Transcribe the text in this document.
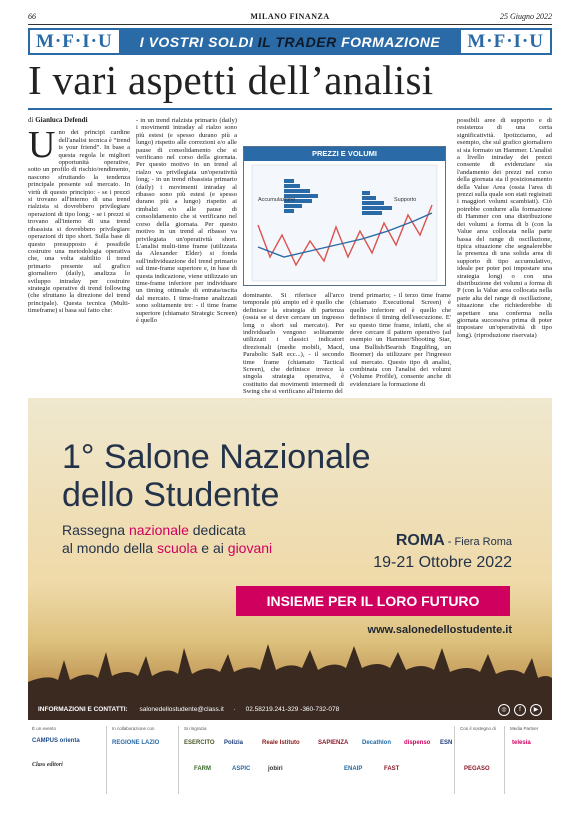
66	MILANO FINANZA	25 Giugno 2022
M·F·I·U	I VOSTRI SOLDI IL TRADER FORMAZIONE	M·F·I·U
I vari aspetti dell’analisi
di Gianluca Defendi
U no dei principi cardine dell'analisi tecnica è “trend is your friend”. In base a questa regola le migliori opportunità operative, sotto un profilo di rischio/rendimento, nascono sfruttando la tendenza principale presente sul mercato. In virtù di questo principio: - se i prezzi si trovano all'interno di una trend rialzista si dovrebbero privilegiare operazioni di tipo long; - se i prezzi si trovano all'interno di una trend ribassista si dovrebbero privilegiare operazioni di tipo short. Sulla base di questo presupposto è possibile costruire una metodologia operativa che, una volta stabilito il trend primario presente sul grafico giornaliero (daily), analizza lo sviluppo intraday per costruire strategie operative di trend following (che sfruttano la direzione del trend principale). Questa tecnica (Multi-timeframe) si basa sul fatto che:

- in un trend rialzista primario (daily) i movimenti intraday al rialzo sono più estesi (e spesso durano più a lungo) rispetto alle correzioni e/o alle pause di consolidamento che si verificano nel corso della giornata. Per questo motivo in un trend al rialzo va privilegiata un'operatività long; - in un trend ribassista primario (daily) i movimenti intraday al ribasso sono più estesi (e spesso durano più a lungo) rispetto ai rimbalzi e/o alle pause di consolidamento che si verificano nel corso della giornata. Per questo motivo in un trend al ribasso va privilegiata un'operatività short. L'analisi multi-time frame (utilizzata da Alexander Elder) si fonda sull'individuazione del trend primario sul time-frame superiore e, in base di questa indicazione, viene utilizzato un time-frame inferiore per individuare un timing ottimale di entrata/uscita dal mercato. I time-frame analizzati sono solitamente tre: - il time frame superiore (chiamato Strategic Screen) è quello

PREZZI E VOLUMI
Accumulazione	Supporto

dominante. Si riferisce all'arco temporale più ampio ed è quello che definisce la strategia di partenza (ossia se si deve cercare un ingresso long o short sul mercato). Per individuarlo vengono solitamente utilizzati i classici indicatori direzionali (medie mobili, Macd, Parabolic SaR ecc...), - il secondo time frame (chiamato Tactical Screen), che definisce invece la singola strategia operativa, è costituito dai movimenti intermedi di Swing che si verificano all'interno del

trend primario; - il terzo time frame (chiamato Executional Screen) è quello inferiore ed è quello che definisce il timing dell'esecuzione. E' su questo time frame, infatti, che si deve cercare il pattern operativo (ad esempio un Hammer/Shooting Star, una Bullish/Bearish Engulfing, un Boomer) da utilizzare per l'ingresso sul mercato. Questo tipo di analisi, combinata con l'analisi dei volumi (Volume Profile), consente anche di evidenziare la formazione di

possibili aree di supporto e di resistenza di una certa significatività. Ipotizziamo, ad esempio, che sul grafico giornaliero si sia formato un Hammer. L'analisi a livello intraday dei prezzi consente di evidenziare sia l'andamento dei prezzi nel corso della giornata sia il posizionamento della Value Area (ossia l'area di prezzi sulla quale son stati registrati i maggiori volumi scambiati). Ciò potrebbe condurre alla formazione di Hammer con una distribuzione dei volumi a forma di b (con la Value area collocata nella parte bassa del range di oscillazione, tipica situazione che segnalerebbe la presenza di una solida area di supporto di tipo accumulativo, ideale per poter poi impostare una strategia long) o con una distribuzione dei volumi a forma di P (con la Value area collocata nella parte alta del range di oscillazione, situazione che richiederebbe di aspettare una conferma nella giornata successiva prima di poter impostare un'operatività di tipo long). (riproduzione riservata)

1° Salone Nazionale
dello Studente
Rassegna nazionale dedicata
al mondo della scuola e ai giovani	ROMA - Fiera Roma
19-21 Ottobre 2022
INSIEME PER IL LORO FUTURO
www.salonedellostudente.it
INFORMAZIONI E CONTATTI: salonedellostudente@class.it · 02.58219.241-329 -360-732-078	◎	f	▶
È un evento
CAMPUS orienta
Class editori
In collaborazione con
REGIONE LAZIO
Si ringrazia
ESERCITO Polizia	Reale Istituto	SAPIENZA Decathlon dispenso ESN
FARM	ASPIC	jobiri	ENAIP	FAST
Con il sostegno di
PEGASO
Media Partner
telesia
